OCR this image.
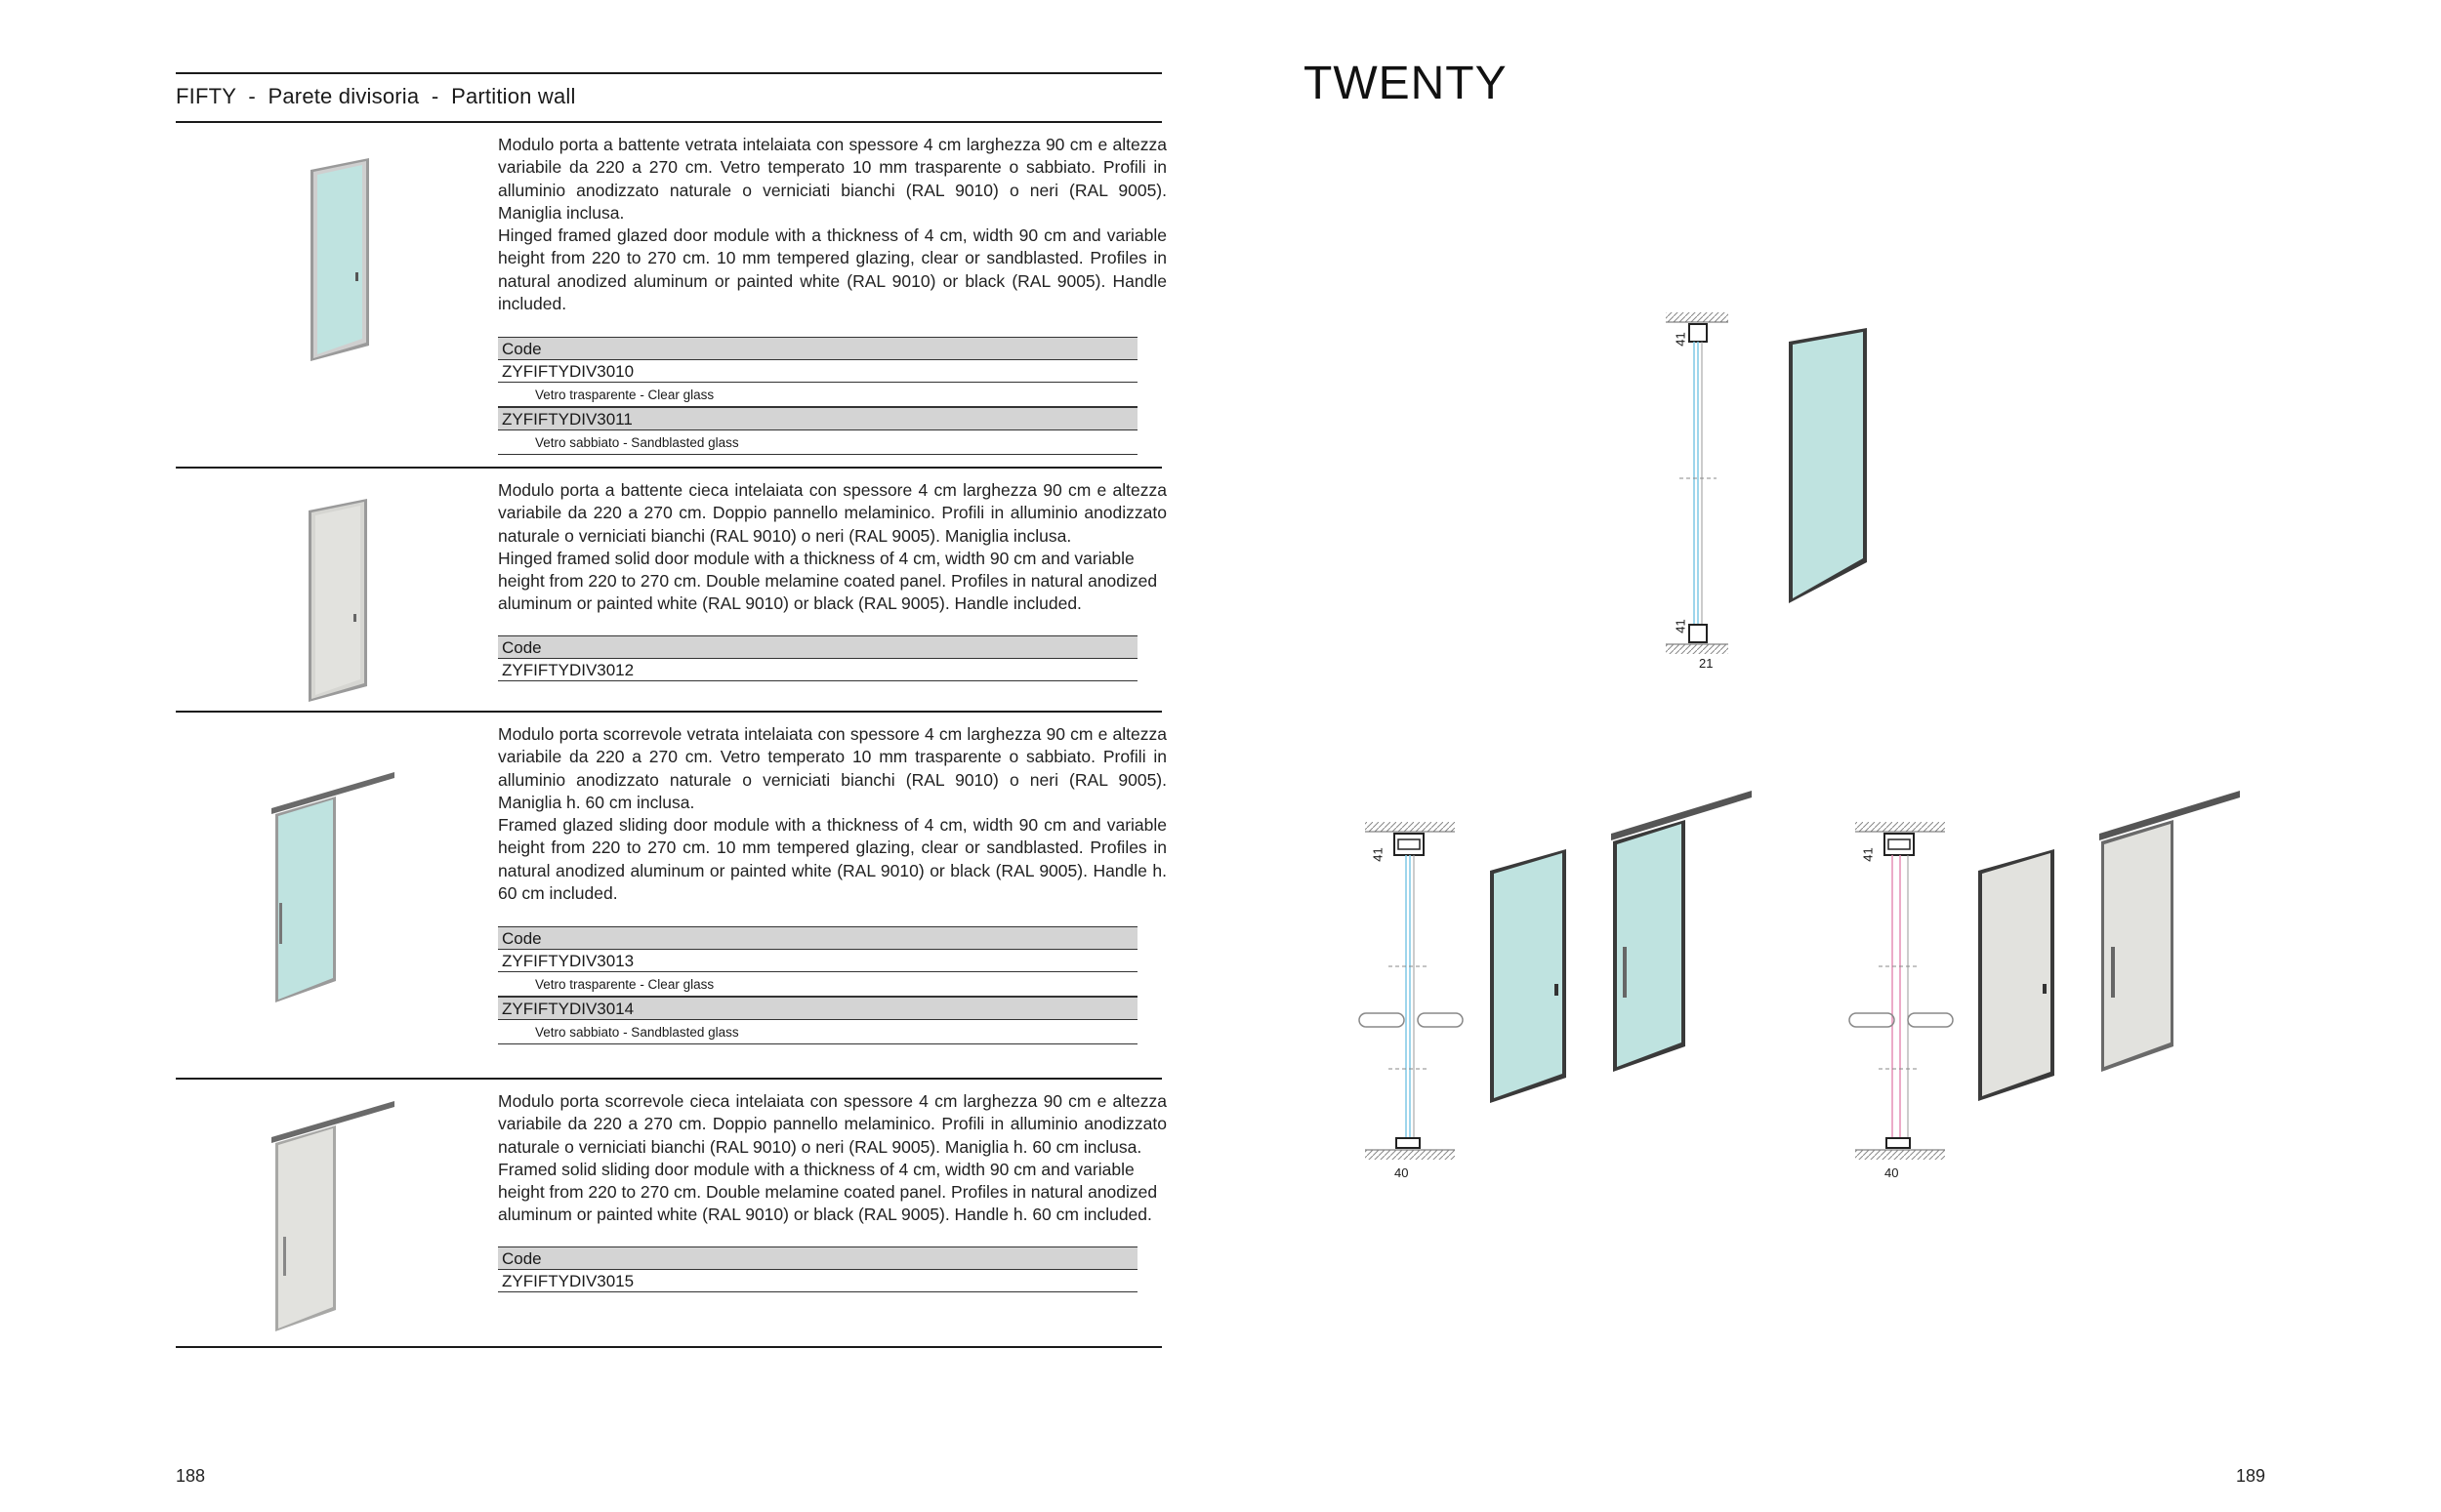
FIFTY  -  Parete divisoria  -  Partition wall

Modulo porta a battente vetrata intelaiata con spessore 4 cm larghezza 90 cm e altezza variabile da 220 a 270 cm. Vetro temperato 10 mm trasparente o sabbiato. Profili in alluminio anodizzato naturale o verniciati bianchi (RAL 9010) o neri (RAL 9005). Maniglia inclusa.

Hinged framed glazed door module with a thickness of 4 cm, width 90 cm and variable height from 220 to 270 cm. 10 mm tempered glazing, clear or sandblasted. Profiles in natural anodized aluminum or painted white (RAL 9010) or black (RAL 9005). Handle included.

Code
ZYFIFTYDIV3010
Vetro trasparente - Clear glass
ZYFIFTYDIV3011
Vetro sabbiato - Sandblasted glass

Modulo porta a battente cieca intelaiata con spessore 4 cm larghezza 90 cm e altezza variabile da 220 a 270 cm. Doppio pannello melaminico. Profili in alluminio anodizzato naturale o verniciati bianchi (RAL 9010) o neri (RAL 9005). Maniglia inclusa.

Hinged framed solid door module with a thickness of 4 cm, width 90 cm and variable height from 220 to 270 cm. Double melamine coated panel. Profiles in natural anodized aluminum or painted white (RAL 9010) or black (RAL 9005). Handle included.

Code
ZYFIFTYDIV3012

Modulo porta scorrevole vetrata intelaiata con spessore 4 cm larghezza 90 cm e altezza variabile da 220 a 270 cm. Vetro temperato 10 mm trasparente o sabbiato. Profili in alluminio anodizzato naturale o verniciati bianchi (RAL 9010) o neri (RAL 9005). Maniglia h. 60 cm inclusa.

Framed glazed sliding door module with a thickness of 4 cm, width 90 cm and variable height from 220 to 270 cm. 10 mm tempered glazing, clear or sandblasted. Profiles in natural anodized aluminum or painted white (RAL 9010) or black (RAL 9005). Handle h. 60 cm included.

Code
ZYFIFTYDIV3013
Vetro trasparente - Clear glass
ZYFIFTYDIV3014
Vetro sabbiato - Sandblasted glass

Modulo porta scorrevole cieca intelaiata con spessore 4 cm larghezza 90 cm e altezza variabile da 220 a 270 cm. Doppio pannello melaminico. Profili in alluminio anodizzato naturale o verniciati bianchi (RAL 9010) o neri (RAL 9005). Maniglia h. 60 cm inclusa.

Framed solid sliding door module with a thickness of 4 cm, width 90 cm and variable height from 220 to 270 cm. Double melamine coated panel. Profiles in natural anodized aluminum or painted white (RAL 9010) or black (RAL 9005). Handle h. 60 cm included.

Code
ZYFIFTYDIV3015
188
TWENTY
41
41
21
41
40
41
40
189
